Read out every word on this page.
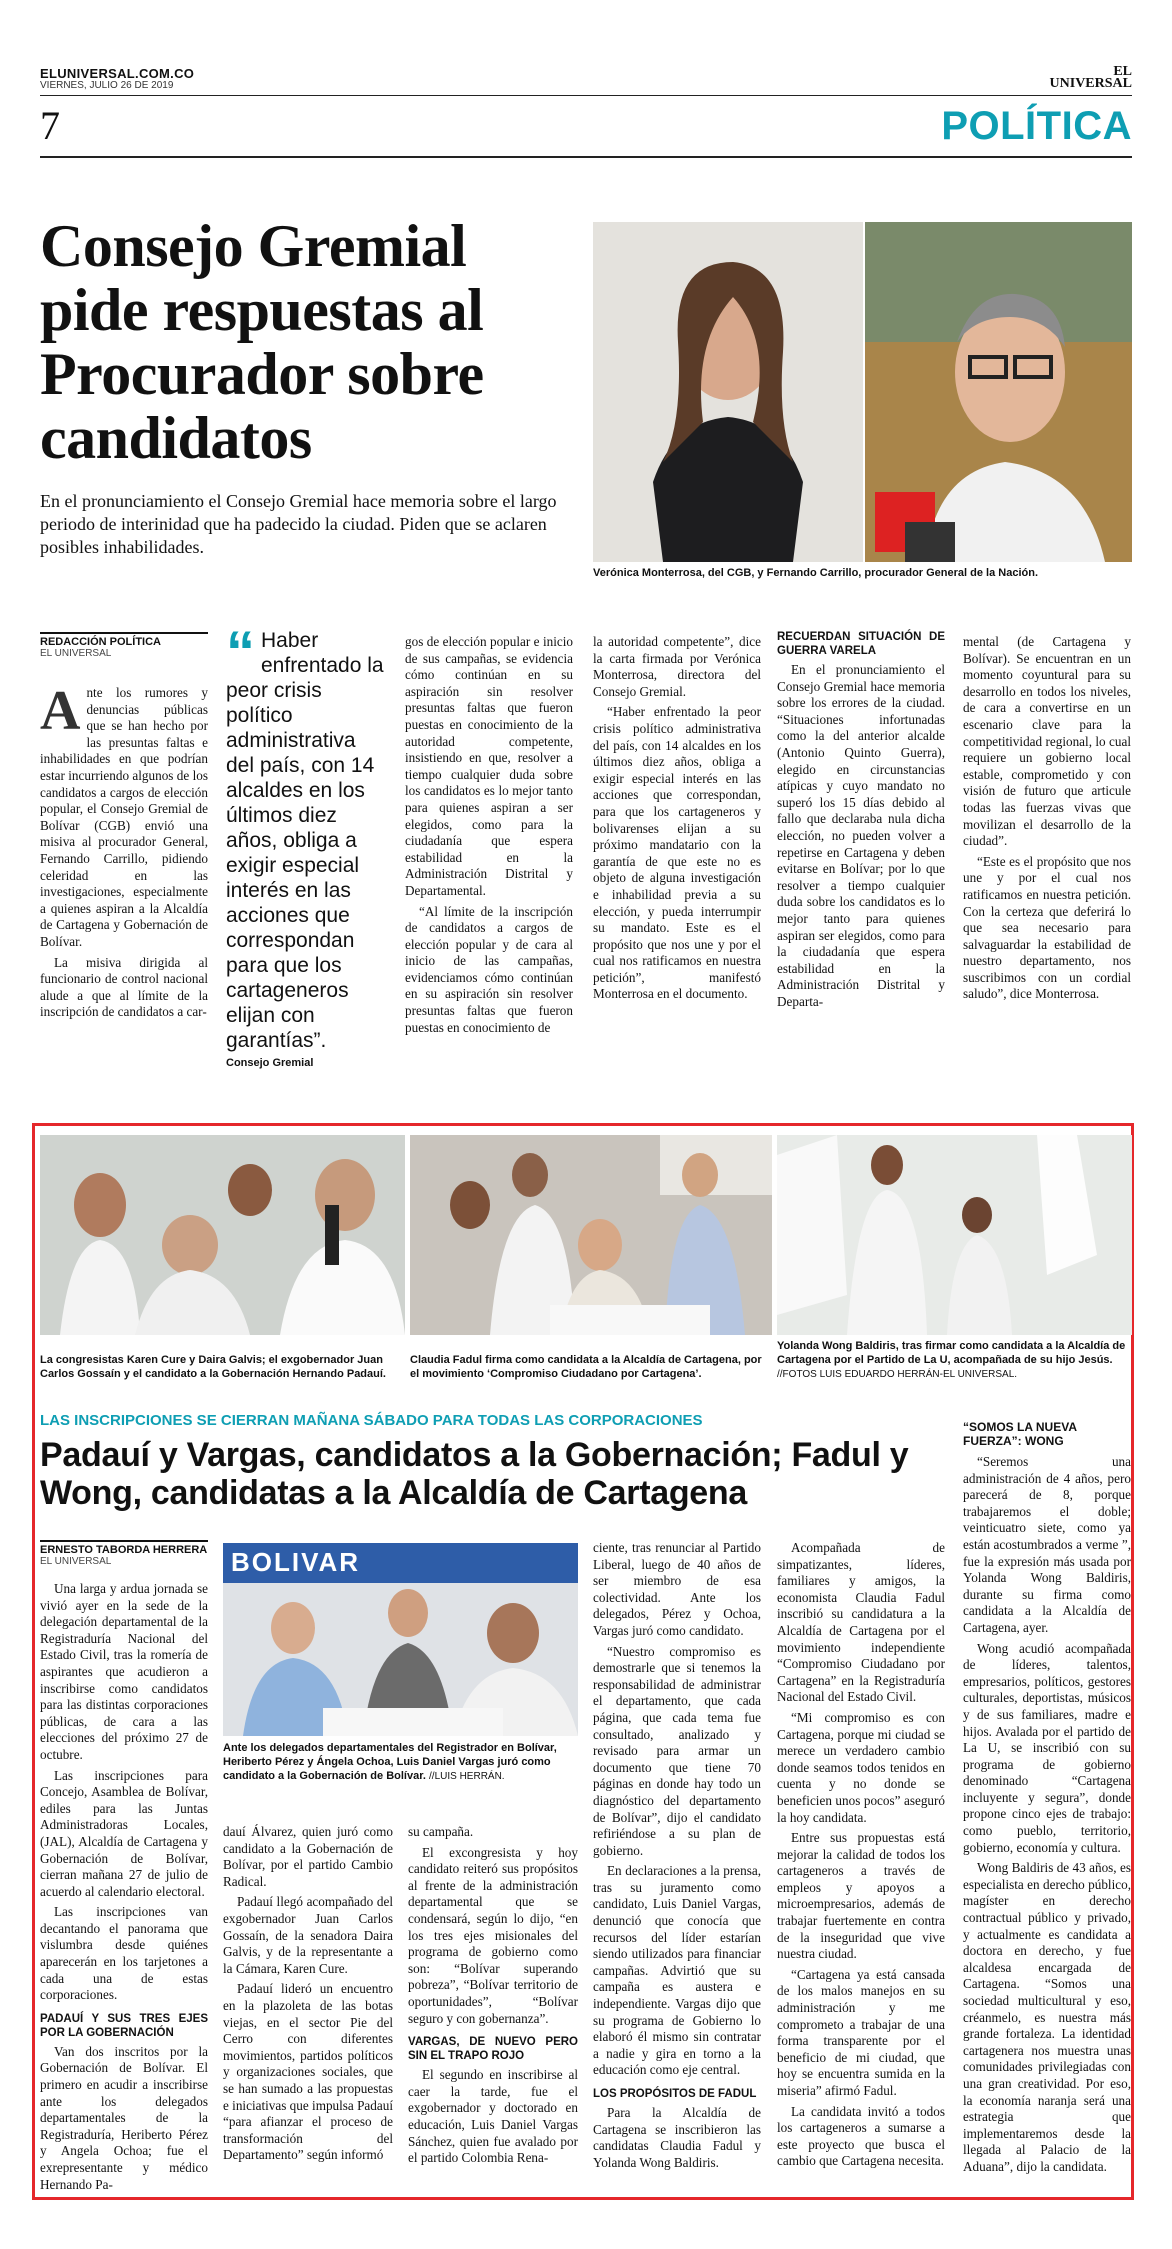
ELUNIVERSAL.COM.CO
VIERNES, JULIO 26 DE 2019
EL
UNIVERSAL
7	POLÍTICA
Consejo Gremial pide respuestas al Procurador sobre candidatos
En el pronunciamiento el Consejo Gremial hace memoria sobre el largo periodo de interinidad que ha padecido la ciudad. Piden que se aclaren posibles inhabilidades.
Verónica Monterrosa, del CGB, y Fernando Carrillo, procurador General de la Nación.
REDACCIÓN POLÍTICA
EL UNIVERSAL

Ante los rumores y denuncias públicas que se han hecho por las presuntas faltas e inhabilidades en que podrían estar incurriendo algunos de los candidatos a cargos de elección popular, el Consejo Gremial de Bolívar (CGB) envió una misiva al procurador General, Fernando Carrillo, pidiendo celeridad en las investigaciones, especialmente a quienes aspiran a la Alcaldía de Cartagena y Gobernación de Bolívar.

La misiva dirigida al funcionario de control nacional alude a que al límite de la inscripción de candidatos a car-

“ Haber enfrentado la peor crisis político administrativa del país, con 14 alcaldes en los últimos diez años, obliga a exigir especial interés en las acciones que correspondan para que los cartageneros elijan con garantías”.
Consejo Gremial

gos de elección popular e inicio de sus campañas, se evidencia cómo continúan en su aspiración sin resolver presuntas faltas que fueron puestas en conocimiento de la autoridad competente, insistiendo en que, resolver a tiempo cualquier duda sobre los candidatos es lo mejor tanto para quienes aspiran a ser elegidos, como para la ciudadanía que espera estabilidad en la Administración Distrital y Departamental.

“Al límite de la inscripción de candidatos a cargos de elección popular y de cara al inicio de las campañas, evidenciamos cómo continúan en su aspiración sin resolver presuntas faltas que fueron puestas en conocimiento de

la autoridad competente”, dice la carta firmada por Verónica Monterrosa, directora del Consejo Gremial.

“Haber enfrentado la peor crisis político administrativa del país, con 14 alcaldes en los últimos diez años, obliga a exigir especial interés en las acciones que correspondan, para que los cartageneros y bolivarenses elijan a su próximo mandatario con la garantía de que este no es objeto de alguna investigación e inhabilidad previa a su elección, y pueda interrumpir su mandato. Este es el propósito que nos une y por el cual nos ratificamos en nuestra petición”, manifestó Monterrosa en el documento.

RECUERDAN SITUACIÓN DE GUERRA VARELA

En el pronunciamiento el Consejo Gremial hace memoria sobre los errores de la ciudad. “Situaciones infortunadas como la del anterior alcalde (Antonio Quinto Guerra), elegido en circunstancias atípicas y cuyo mandato no superó los 15 días debido al fallo que declaraba nula dicha elección, no pueden volver a repetirse en Cartagena y deben evitarse en Bolívar; por lo que resolver a tiempo cualquier duda sobre los candidatos es lo mejor tanto para quienes aspiran ser elegidos, como para la ciudadanía que espera estabilidad en la Administración Distrital y Departa-

mental (de Cartagena y Bolívar). Se encuentran en un momento coyuntural para su desarrollo en todos los niveles, de cara a convertirse en un escenario clave para la competitividad regional, lo cual requiere un gobierno local estable, comprometido y con visión de futuro que articule todas las fuerzas vivas que movilizan el desarrollo de la ciudad”.

“Este es el propósito que nos une y por el cual nos ratificamos en nuestra petición. Con la certeza que deferirá lo que sea necesario para salvaguardar la estabilidad de nuestro departamento, nos suscribimos con un cordial saludo”, dice Monterrosa.

La congresistas Karen Cure y Daira Galvis; el exgobernador Juan Carlos Gossaín y el candidato a la Gobernación Hernando Padauí.
Claudia Fadul firma como candidata a la Alcaldía de Cartagena, por el movimiento ‘Compromiso Ciudadano por Cartagena’.
Yolanda Wong Baldiris, tras firmar como candidata a la Alcaldía de Cartagena por el Partido de La U, acompañada de su hijo Jesús. //FOTOS LUIS EDUARDO HERRÁN-EL UNIVERSAL.
LAS INSCRIPCIONES SE CIERRAN MAÑANA SÁBADO PARA TODAS LAS CORPORACIONES
Padauí y Vargas, candidatos a la Gobernación; Fadul y Wong, candidatas a la Alcaldía de Cartagena
“SOMOS LA NUEVA FUERZA”: WONG
ERNESTO TABORDA HERRERA
EL UNIVERSAL

Una larga y ardua jornada se vivió ayer en la sede de la delegación departamental de la Registraduría Nacional del Estado Civil, tras la romería de aspirantes que acudieron a inscribirse como candidatos para las distintas corporaciones públicas, de cara a las elecciones del próximo 27 de octubre.

Las inscripciones para Concejo, Asamblea de Bolívar, ediles para las Juntas Administradoras Locales, (JAL), Alcaldía de Cartagena y Gobernación de Bolívar, cierran mañana 27 de julio de acuerdo al calendario electoral.

Las inscripciones van decantando el panorama que vislumbra desde quiénes aparecerán en los tarjetones a cada una de estas corporaciones.

PADAUÍ Y SUS TRES EJES POR LA GOBERNACIÓN

Van dos inscritos por la Gobernación de Bolívar. El primero en acudir a inscribirse ante los delegados departamentales de la Registraduría, Heriberto Pérez y Angela Ochoa; fue el exrepresentante y médico Hernando Pa-

BOLIVAR
Ante los delegados departamentales del Registrador en Bolívar, Heriberto Pérez y Ángela Ochoa, Luis Daniel Vargas juró como candidato a la Gobernación de Bolívar. //LUIS HERRÁN.

dauí Álvarez, quien juró como candidato a la Gobernación de Bolívar, por el partido Cambio Radical.

Padauí llegó acompañado del exgobernador Juan Carlos Gossaín, de la senadora Daira Galvis, y de la representante a la Cámara, Karen Cure.

Padauí lideró un encuentro en la plazoleta de las botas viejas, en el sector Pie del Cerro con diferentes movimientos, partidos políticos y organizaciones sociales, que se han sumado a las propuestas e iniciativas que impulsa Padauí “para afianzar el proceso de transformación del Departamento” según informó

su campaña.

El excongresista y hoy candidato reiteró sus propósitos al frente de la administración departamental que se condensará, según lo dijo, “en los tres ejes misionales del programa de gobierno como son: “Bolívar superando pobreza”, “Bolívar territorio de oportunidades”, “Bolívar seguro y con gobernanza”.

VARGAS, DE NUEVO PERO SIN EL TRAPO ROJO

El segundo en inscribirse al caer la tarde, fue el exgobernador y doctorado en educación, Luis Daniel Vargas Sánchez, quien fue avalado por el partido Colombia Rena-

ciente, tras renunciar al Partido Liberal, luego de 40 años de ser miembro de esa colectividad. Ante los delegados, Pérez y Ochoa, Vargas juró como candidato.

“Nuestro compromiso es demostrarle que si tenemos la responsabilidad de administrar el departamento, que cada página, que cada tema fue consultado, analizado y revisado para armar un documento que tiene 70 páginas en donde hay todo un diagnóstico del departamento de Bolívar”, dijo el candidato refiriéndose a su plan de gobierno.

En declaraciones a la prensa, tras su juramento como candidato, Luis Daniel Vargas, denunció que conocía que recursos del líder estarían siendo utilizados para financiar campañas. Advirtió que su campaña es austera e independiente. Vargas dijo que su programa de Gobierno lo elaboró él mismo sin contratar a nadie y gira en torno a la educación como eje central.

LOS PROPÓSITOS DE FADUL

Para la Alcaldía de Cartagena se inscribieron las candidatas Claudia Fadul y Yolanda Wong Baldiris.

Acompañada de simpatizantes, líderes, familiares y amigos, la economista Claudia Fadul inscribió su candidatura a la Alcaldía de Cartagena por el movimiento independiente “Compromiso Ciudadano por Cartagena” en la Registraduría Nacional del Estado Civil.

“Mi compromiso es con Cartagena, porque mi ciudad se merece un verdadero cambio donde seamos todos tenidos en cuenta y no donde se beneficien unos pocos” aseguró la hoy candidata.

Entre sus propuestas está mejorar la calidad de todos los cartageneros a través de empleos y apoyos a microempresarios, además de trabajar fuertemente en contra de la inseguridad que vive nuestra ciudad.

“Cartagena ya está cansada de los malos manejos en su administración y me comprometo a trabajar de una forma transparente por el beneficio de mi ciudad, que hoy se encuentra sumida en la miseria” afirmó Fadul.

La candidata invitó a todos los cartageneros a sumarse a este proyecto que busca el cambio que Cartagena necesita.

“Seremos una administración de 4 años, pero parecerá de 8, porque trabajaremos el doble; veinticuatro siete, como ya están acostumbrados a verme ”, fue la expresión más usada por Yolanda Wong Baldiris, durante su firma como candidata a la Alcaldía de Cartagena, ayer.

Wong acudió acompañada de líderes, talentos, empresarios, políticos, gestores culturales, deportistas, músicos y de sus familiares, madre e hijos. Avalada por el partido de La U, se inscribió con su programa de gobierno denominado “Cartagena incluyente y segura”, donde propone cinco ejes de trabajo: como pueblo, territorio, gobierno, economía y cultura.

Wong Baldiris de 43 años, es especialista en derecho público, magíster en derecho contractual público y privado, y actualmente es candidata a doctora en derecho, y fue alcaldesa encargada de Cartagena. “Somos una sociedad multicultural y eso, créanmelo, es nuestra más grande fortaleza. La identidad cartagenera nos muestra unas comunidades privilegiadas con una gran creatividad. Por eso, la economía naranja será una estrategia que implementaremos desde la llegada al Palacio de la Aduana”, dijo la candidata.
